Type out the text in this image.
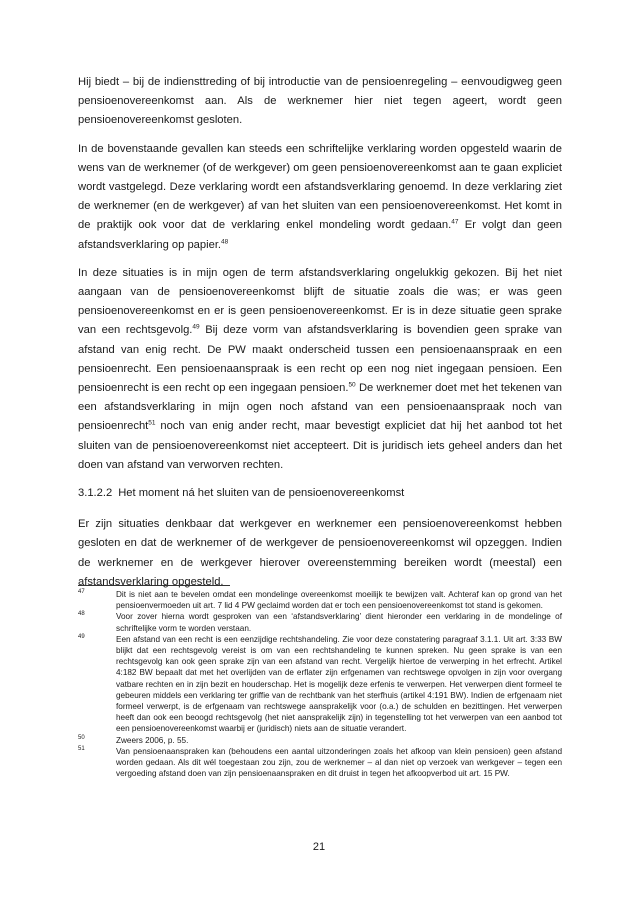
Hij biedt – bij de indiensttreding of bij introductie van de pensioenregeling – eenvoudigweg geen pensioenovereenkomst aan. Als de werknemer hier niet tegen ageert, wordt geen pensioenovereenkomst gesloten.

In de bovenstaande gevallen kan steeds een schriftelijke verklaring worden opgesteld waarin de wens van de werknemer (of de werkgever) om geen pensioenovereenkomst aan te gaan expliciet wordt vastgelegd. Deze verklaring wordt een afstandsverklaring genoemd. In deze verklaring ziet de werknemer (en de werkgever) af van het sluiten van een pensioenovereenkomst. Het komt in de praktijk ook voor dat de verklaring enkel mondeling wordt gedaan.$^{47}$ Er volgt dan geen afstandsverklaring op papier.$^{48}$

In deze situaties is in mijn ogen de term afstandsverklaring ongelukkig gekozen. Bij het niet aangaan van de pensioenovereenkomst blijft de situatie zoals die was; er was geen pensioenovereenkomst en er is geen pensioenovereenkomst. Er is in deze situatie geen sprake van een rechtsgevolg.$^{49}$ Bij deze vorm van afstandsverklaring is bovendien geen sprake van afstand van enig recht. De PW maakt onderscheid tussen een pensioenaanspraak en een pensioenrecht. Een pensioenaanspraak is een recht op een nog niet ingegaan pensioen. Een pensioenrecht is een recht op een ingegaan pensioen.$^{50}$ De werknemer doet met het tekenen van een afstandsverklaring in mijn ogen noch afstand van een pensioenaanspraak noch van pensioenrecht$^{51}$ noch van enig ander recht, maar bevestigt expliciet dat hij het aanbod tot het sluiten van de pensioenovereenkomst niet accepteert. Dit is juridisch iets geheel anders dan het doen van afstand van verworven rechten.

3.1.2.2 Het moment ná het sluiten van de pensioenovereenkomst

Er zijn situaties denkbaar dat werkgever en werknemer een pensioenovereenkomst hebben gesloten en dat de werknemer of de werkgever de pensioenovereenkomst wil opzeggen. Indien de werknemer en de werkgever hierover overeenstemming bereiken wordt (meestal) een afstandsverklaring opgesteld.

47	Dit is niet aan te bevelen omdat een mondelinge overeenkomst moeilijk te bewijzen valt. Achteraf kan op grond van het pensioenvermoeden uit art. 7 lid 4 PW geclaimd worden dat er toch een pensioenovereenkomst tot stand is gekomen.

48	Voor zover hierna wordt gesproken van een ‘afstandsverklaring’ dient hieronder een verklaring in de mondelinge of schriftelijke vorm te worden verstaan.

49	Een afstand van een recht is een eenzijdige rechtshandeling. Zie voor deze constatering paragraaf 3.1.1. Uit art. 3:33 BW blijkt dat een rechtsgevolg vereist is om van een rechtshandeling te kunnen spreken. Nu geen sprake is van een rechtsgevolg kan ook geen sprake zijn van een afstand van recht. Vergelijk hiertoe de verwerping in het erfrecht. Artikel 4:182 BW bepaalt dat met het overlijden van de erflater zijn erfgenamen van rechtswege opvolgen in zijn voor overgang vatbare rechten en in zijn bezit en houderschap. Het is mogelijk deze erfenis te verwerpen. Het verwerpen dient formeel te gebeuren middels een verklaring ter griffie van de rechtbank van het sterfhuis (artikel 4:191 BW). Indien de erfgenaam niet formeel verwerpt, is de erfgenaam van rechtswege aansprakelijk voor (o.a.) de schulden en bezittingen. Het verwerpen heeft dan ook een beoogd rechtsgevolg (het niet aansprakelijk zijn) in tegenstelling tot het verwerpen van een aanbod tot een pensioenovereenkomst waarbij er (juridisch) niets aan de situatie verandert.

50	Zweers 2006, p. 55.

51	Van pensioenaanspraken kan (behoudens een aantal uitzonderingen zoals het afkoop van klein pensioen) geen afstand worden gedaan. Als dit wél toegestaan zou zijn, zou de werknemer – al dan niet op verzoek van werkgever – tegen een vergoeding afstand doen van zijn pensioenaanspraken en dit druist in tegen het afkoopverbod uit art. 15 PW.

21
